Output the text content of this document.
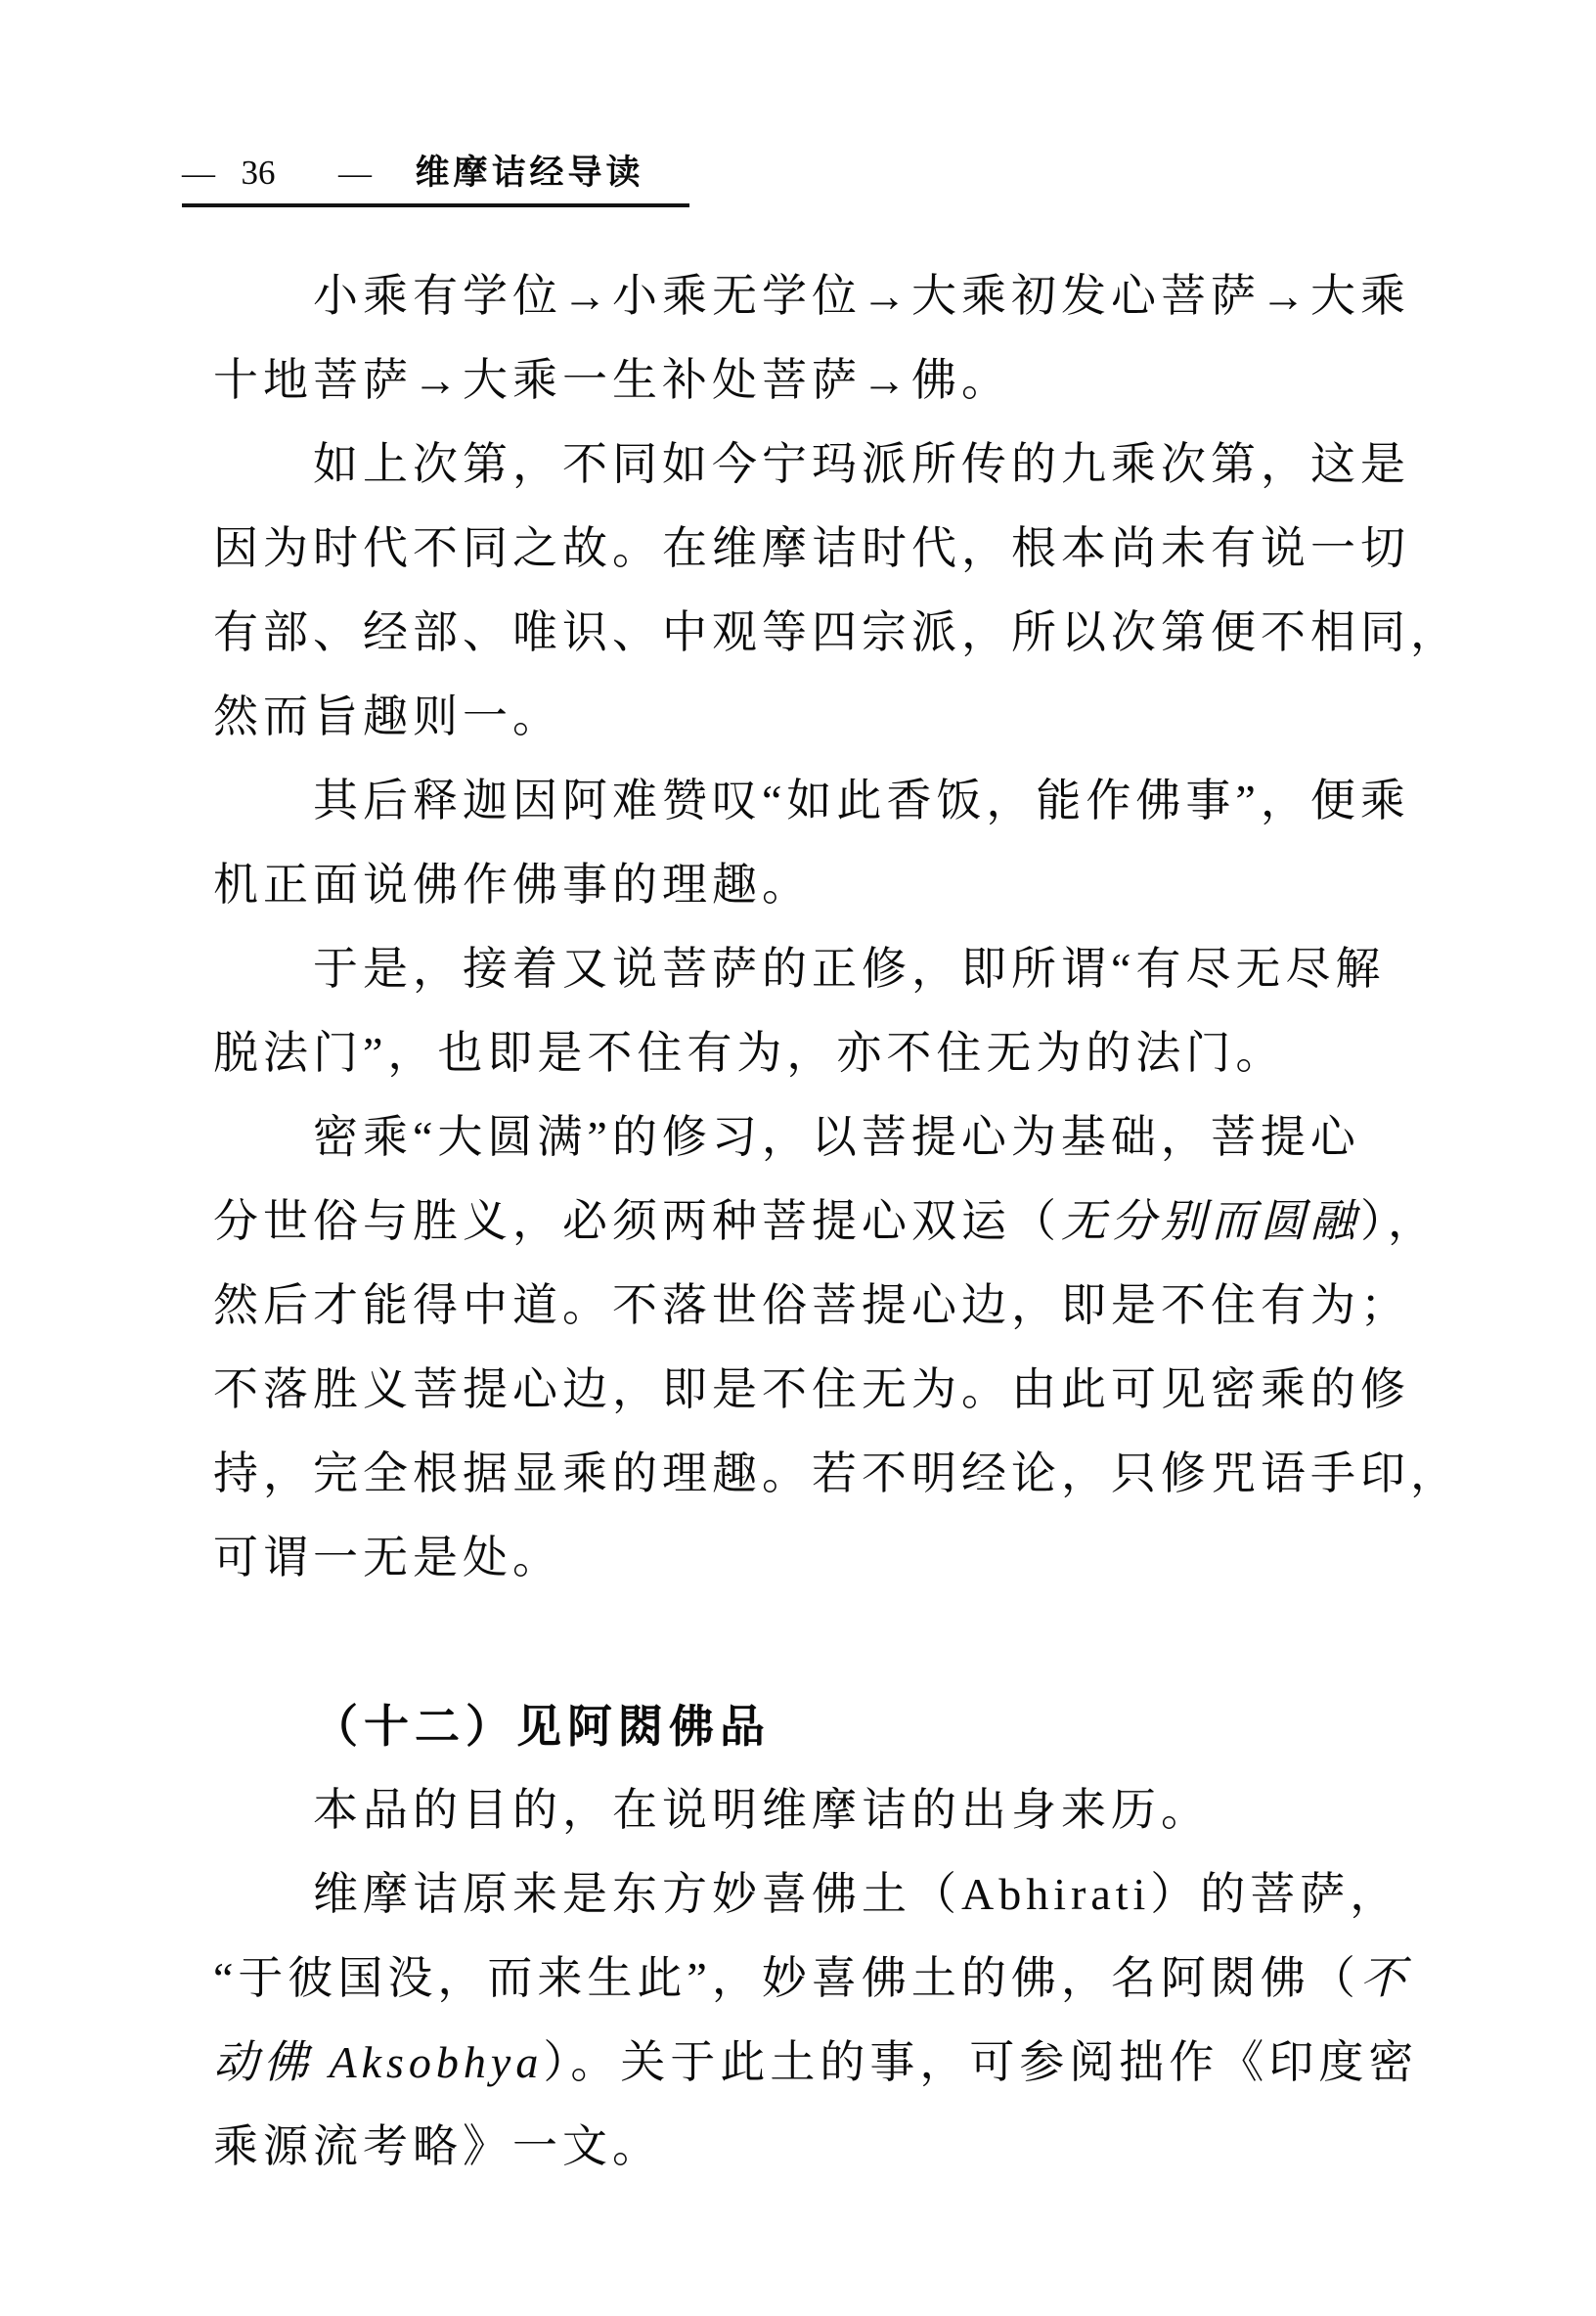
— 36 — 维摩诘经导读
小乘有学位→小乘无学位→大乘初发心菩萨→大乘
十地菩萨→大乘一生补处菩萨→佛。
如上次第，不同如今宁玛派所传的九乘次第，这是
因为时代不同之故。在维摩诘时代，根本尚未有说一切
有部、经部、唯识、中观等四宗派，所以次第便不相同，
然而旨趣则一。
其后释迦因阿难赞叹“如此香饭，能作佛事”，便乘
机正面说佛作佛事的理趣。
于是，接着又说菩萨的正修，即所谓“有尽无尽解
脱法门”，也即是不住有为，亦不住无为的法门。
密乘“大圆满”的修习，以菩提心为基础，菩提心
分世俗与胜义，必须两种菩提心双运（无分别而圆融），
然后才能得中道。不落世俗菩提心边，即是不住有为；
不落胜义菩提心边，即是不住无为。由此可见密乘的修
持，完全根据显乘的理趣。若不明经论，只修咒语手印，
可谓一无是处。
（十二）见阿閦佛品
本品的目的，在说明维摩诘的出身来历。
维摩诘原来是东方妙喜佛土（Abhirati）的菩萨，
“于彼国没，而来生此”，妙喜佛土的佛，名阿閦佛（不
动佛 Aksobhya）。关于此土的事，可参阅拙作《印度密
乘源流考略》一文。
